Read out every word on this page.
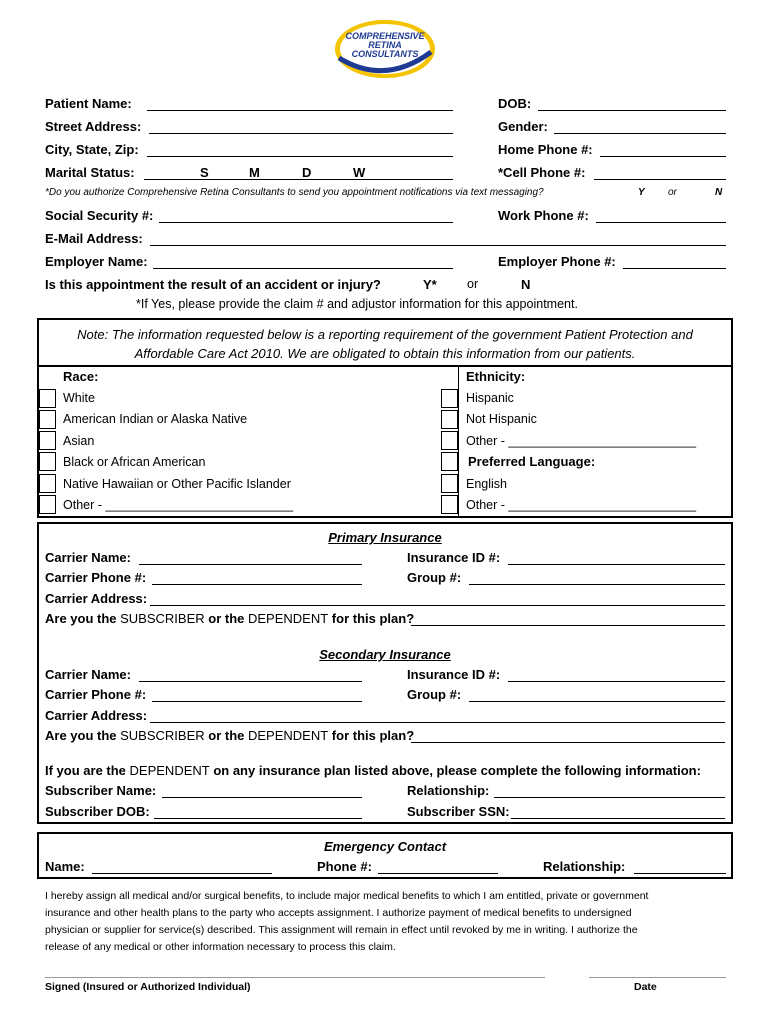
COMPREHENSIVE
RETINA
CONSULTANTS
Patient Name:	DOB:
Street Address:	Gender:
City, State, Zip:	Home Phone #:
Marital Status:	S	M	D	W	*Cell Phone #:
*Do you authorize Comprehensive Retina Consultants to send you appointment notifications via text messaging?	Y or	N
Social Security #:	Work Phone #:
E-Mail Address:
Employer Name:	Employer Phone #:
Is this appointment the result of an accident or injury?	Y* or	N
*If Yes, please provide the claim # and adjustor information for this appointment.
Note: The information requested below is a reporting requirement of the government Patient Protection and
Affordable Care Act 2010. We are obligated to obtain this information from our patients.
Race:	Ethnicity:
White
American Indian or Alaska Native
Asian
Black or African American
Native Hawaiian or Other Pacific Islander
Other - ___________________________
Hispanic
Not Hispanic
Other - ___________________________
Preferred Language:
English
Other - ___________________________
Primary Insurance
Carrier Name:	Insurance ID #:
Carrier Phone #:	Group #:
Carrier Address:
Are you the SUBSCRIBER or the DEPENDENT for this plan?
Secondary Insurance
Carrier Name:	Insurance ID #:
Carrier Phone #:	Group #:
Carrier Address:
Are you the SUBSCRIBER or the DEPENDENT for this plan?
If you are the DEPENDENT on any insurance plan listed above, please complete the following information:
Subscriber Name:	Relationship:
Subscriber DOB:	Subscriber SSN:
Emergency Contact
Name:	Phone #:	Relationship:
I hereby assign all medical and/or surgical benefits, to include major medical benefits to which I am entitled, private or government
insurance and other health plans to the party who accepts assignment. I authorize payment of medical benefits to undersigned
physician or supplier for service(s) described. This assignment will remain in effect until revoked by me in writing. I authorize the
release of any medical or other information necessary to process this claim.
Signed (Insured or Authorized Individual)	Date
